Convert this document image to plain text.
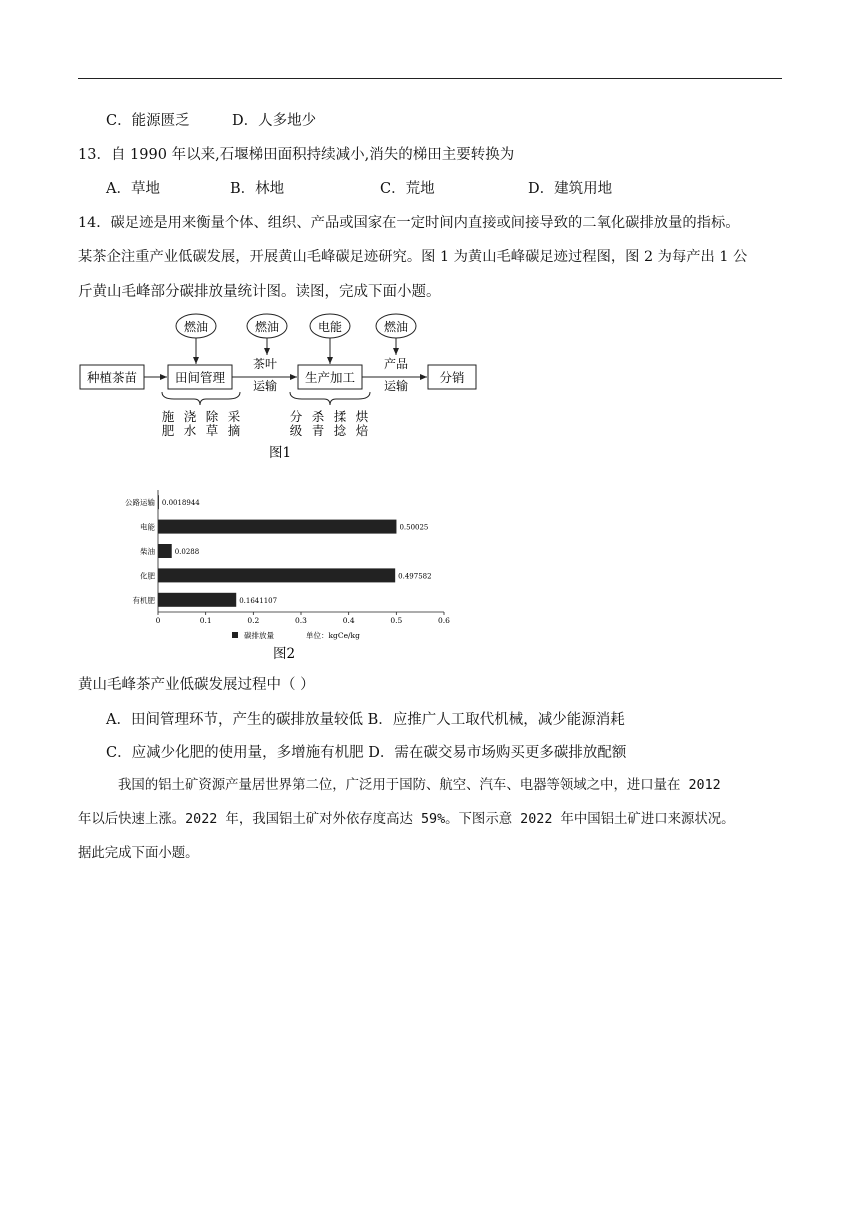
C．能源匮乏	D．人多地少
13．自 1990 年以来,石堰梯田面积持续减小,消失的梯田主要转换为
A．草地	B．林地	C．荒地	D．建筑用地
14．碳足迹是用来衡量个体、组织、产品或国家在一定时间内直接或间接导致的二氧化碳排放量的指标。
某茶企注重产业低碳发展，开展黄山毛峰碳足迹研究。图 1 为黄山毛峰碳足迹过程图，图 2 为每产出 1 公
斤黄山毛峰部分碳排放量统计图。读图，完成下面小题。
种植茶苗	田间管理	生产加工	分销
茶叶
运输
产品
运输
燃油	燃油	电能	燃油
施
肥
浇
水
除
草
采
摘
分
级
杀
青
揉
捻
烘
焙
图1
公路运输 0.0018944
电能	0.50025
柴油	0.0288
化肥	0.497582
有机肥	0.1641107
0	0.1	0.2	0.3	0.4	0.5	0.6
碳排放量	单位：kgCe/kg
图2
黄山毛峰茶产业低碳发展过程中（ ）
A．田间管理环节，产生的碳排放量较低 B．应推广人工取代机械，减少能源消耗
C．应减少化肥的使用量，多增施有机肥 D．需在碳交易市场购买更多碳排放配额
我国的铝土矿资源产量居世界第二位，广泛用于国防、航空、汽车、电器等领域之中，进口量在 2012
年以后快速上涨。2022 年，我国铝土矿对外依存度高达 59%。下图示意 2022 年中国铝土矿进口来源状况。
据此完成下面小题。
